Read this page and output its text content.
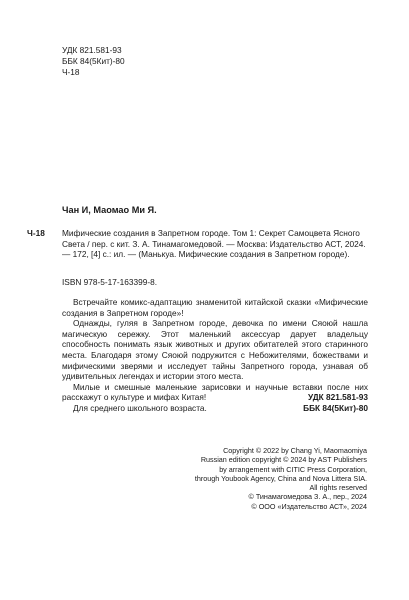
УДК 821.581-93
ББК 84(5Кит)-80
Ч-18
Чан И, Маомао Ми Я.
Ч-18 Мифические создания в Запретном городе. Том 1: Секрет Самоцвета Ясного Света / пер. с кит. З. А. Тинамагомедовой. — Москва: Издательство АСТ, 2024. — 172, [4] с.: ил. — (Манькуа. Мифические создания в Запретном городе).
ISBN 978-5-17-163399-8.

Встречайте комикс-адаптацию знаменитой китайской сказки «Мифические создания в Запретном городе»!

Однажды, гуляя в Запретном городе, девочка по имени Сяоюй нашла магическую сережку. Этот маленький аксессуар дарует владельцу способность понимать язык животных и других обитателей этого старинного места. Благодаря этому Сяоюй подружится с Небожителями, божествами и мифическими зверями и исследует тайны Запретного города, узнавая об удивительных легендах и истории этого места.

Милые и смешные маленькие зарисовки и научные вставки после них расскажут о культуре и мифах Китая!

Для среднего школьного возраста.

УДК 821.581-93
ББК 84(5Кит)-80
Copyright © 2022 by Chang Yi, Maomaomiya
Russian edition copyright © 2024 by AST Publishers
by arrangement with CITIC Press Corporation,
through Youbook Agency, China and Nova Littera SIA.
All rights reserved
© Тинамагомедова З. А., пер., 2024
© ООО «Издательство АСТ», 2024
